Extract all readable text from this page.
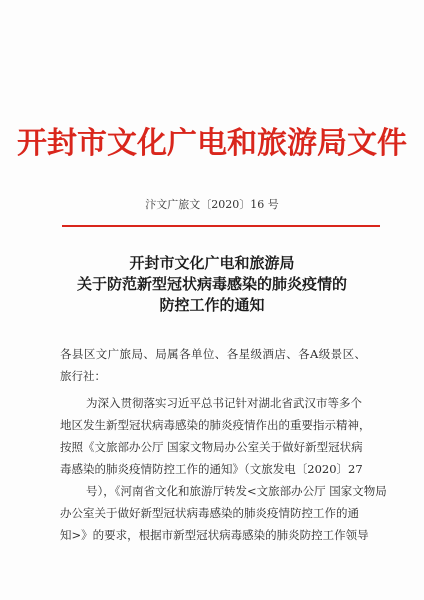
开封市文化广电和旅游局文件
汴文广旅文〔2020〕16 号
开封市文化广电和旅游局
关于防范新型冠状病毒感染的肺炎疫情的
防控工作的通知
各县区文广旅局、局属各单位、各星级酒店、各A级景区、旅行社：
为深入贯彻落实习近平总书记针对湖北省武汉市等多个
地区发生新型冠状病毒感染的肺炎疫情作出的重要指示精神，
按照《文旅部办公厅 国家文物局办公室关于做好新型冠状病
毒感染的肺炎疫情防控工作的通知》（文旅发电〔2020〕27
号），《河南省文化和旅游厅转发<文旅部办公厅 国家文物局
办公室关于做好新型冠状病毒感染的肺炎疫情防控工作的通
知>》的要求，根据市新型冠状病毒感染的肺炎防控工作领导
